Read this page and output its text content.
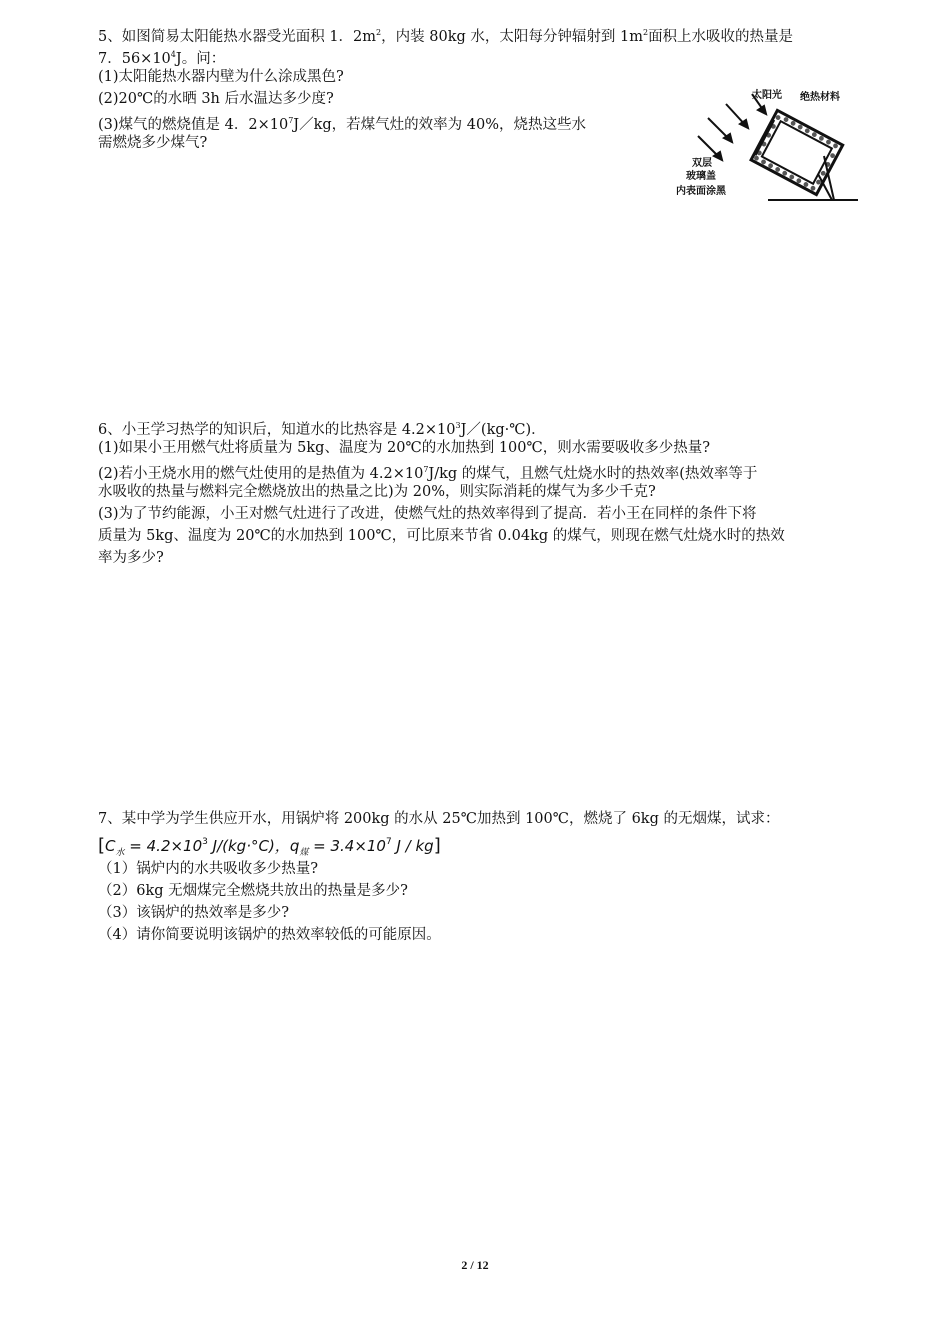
5、如图简易太阳能热水器受光面积 1．$2m^2$，内装 80kg 水，太阳每分钟辐射到 $1m^2$面积上水吸收的热量是
7．$56\times 10^4J$。问：
(1)太阳能热水器内壁为什么涂成黑色?
(2)20℃的水晒 3h 后水温达多少度?
(3)煤气的燃烧值是 4．$2\times 10^7J/kg$，若煤气灶的效率为 40%，烧热这些水
需燃烧多少煤气?
太阳光 绝热材料
双层
玻璃盖
内表面涂黑
6、小王学习热学的知识后，知道水的比热容是 $4.2\times 10^3J/(kg\cdot℃)$．
(1)如果小王用燃气灶将质量为 5kg、温度为 20℃的水加热到 100℃，则水需要吸收多少热量?
(2)若小王烧水用的燃气灶使用的是热值为 $4.2\times 10^7J/kg$ 的煤气，且燃气灶烧水时的热效率(热效率等于
水吸收的热量与燃料完全燃烧放出的热量之比)为 20%，则实际消耗的煤气为多少千克?
(3)为了节约能源，小王对燃气灶进行了改进，使燃气灶的热效率得到了提高．若小王在同样的条件下将
质量为 5kg、温度为 20℃的水加热到 100℃，可比原来节省 0.04kg 的煤气，则现在燃气灶烧水时的热效
率为多少?
7、某中学为学生供应开水，用锅炉将 200kg 的水从 25℃加热到 100℃，燃烧了 6kg 的无烟煤，试求：
[$C_水 = 4.2\times 10^3$ J/(kg·°C)，$q_煤 = 3.4\times 10^7$ J / kg]
（1）锅炉内的水共吸收多少热量?
（2）6kg 无烟煤完全燃烧共放出的热量是多少?
（3）该锅炉的热效率是多少?
（4）请你简要说明该锅炉的热效率较低的可能原因。
2 / 12
